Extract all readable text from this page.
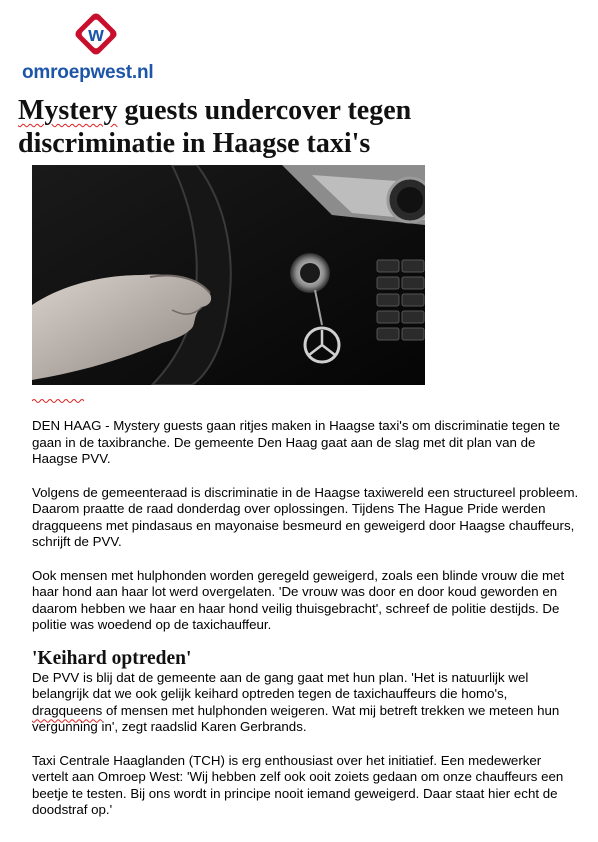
w
omroepwest.nl
Mystery guests undercover tegen
discriminatie in Haagse taxi's

DEN HAAG - Mystery guests gaan ritjes maken in Haagse taxi's om discriminatie tegen te gaan in de taxibranche. De gemeente Den Haag gaat aan de slag met dit plan van de Haagse PVV.

Volgens de gemeenteraad is discriminatie in de Haagse taxiwereld een structureel probleem. Daarom praatte de raad donderdag over oplossingen. Tijdens The Hague Pride werden dragqueens met pindasaus en mayonaise besmeurd en geweigerd door Haagse chauffeurs, schrijft de PVV.

Ook mensen met hulphonden worden geregeld geweigerd, zoals een blinde vrouw die met haar hond aan haar lot werd overgelaten. 'De vrouw was door en door koud geworden en daarom hebben we haar en haar hond veilig thuisgebracht', schreef de politie destijds. De politie was woedend op de taxichauffeur.

'Keihard optreden'

De PVV is blij dat de gemeente aan de gang gaat met hun plan. 'Het is natuurlijk wel belangrijk dat we ook gelijk keihard optreden tegen de taxichauffeurs die homo's, dragqueens of mensen met hulphonden weigeren. Wat mij betreft trekken we meteen hun vergunning in', zegt raadslid Karen Gerbrands.

Taxi Centrale Haaglanden (TCH) is erg enthousiast over het initiatief. Een medewerker vertelt aan Omroep West: 'Wij hebben zelf ook ooit zoiets gedaan om onze chauffeurs een beetje te testen. Bij ons wordt in principe nooit iemand geweigerd. Daar staat hier echt de doodstraf op.'
